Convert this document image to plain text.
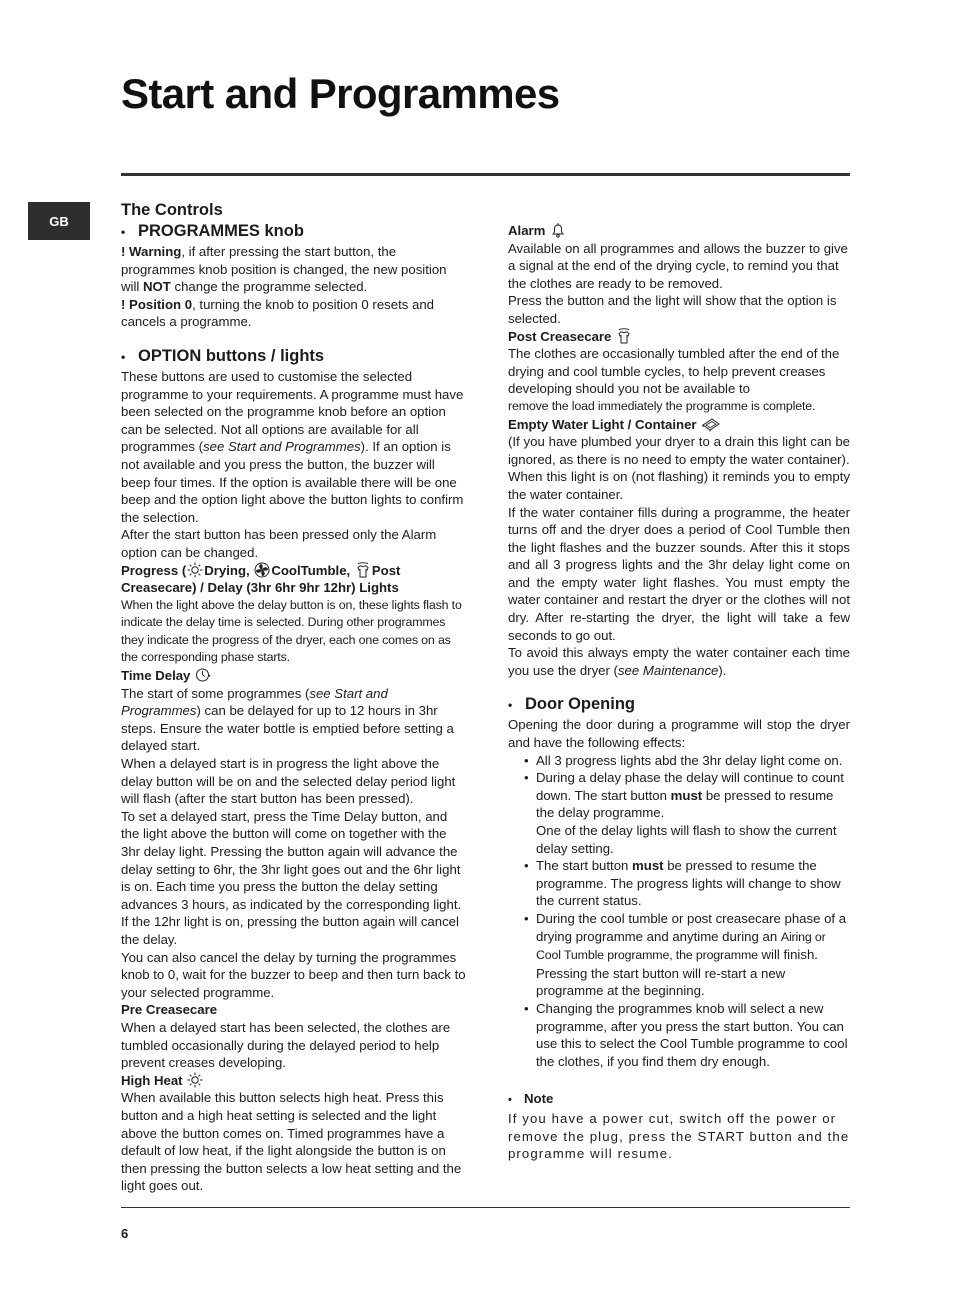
Start and Programmes
GB

The Controls

• PROGRAMMES knob

! Warning, if after pressing the start button, the programmes knob position is changed, the new position will NOT change the programme selected.

! Position 0, turning the knob to position 0 resets and cancels a programme.

• OPTION buttons / lights

These buttons are used to customise the selected programme to your requirements. A programme must have been selected on the programme knob before an option can be selected. Not all options are available for all programmes (see Start and Programmes). If an option is not available and you press the button, the buzzer will beep four times. If the option is available there will be one beep and the option light above the button lights to confirm the selection.

After the start button has been pressed only the Alarm option can be changed.

Progress ( Drying,
CoolTumble,
Post Creasecare) / Delay (3hr 6hr 9hr 12hr) Lights

When the light above the delay button is on, these lights flash to indicate the delay time is selected. During other programmes they indicate the progress of the dryer, each one comes on as the corresponding phase starts.

Time Delay

The start of some programmes (see Start and Programmes) can be delayed for up to 12 hours in 3hr steps. Ensure the water bottle is emptied before setting a delayed start.

When a delayed start is in progress the light above the delay button will be on and the selected delay period light will flash (after the start button has been pressed).

To set a delayed start, press the Time Delay button, and the light above the button will come on together with the 3hr delay light. Pressing the button again will advance the delay setting to 6hr, the 3hr light goes out and the 6hr light is on. Each time you press the button the delay setting advances 3 hours, as indicated by the corresponding light. If the 12hr light is on, pressing the button again will cancel the delay.

You can also cancel the delay by turning the programmes knob to 0, wait for the buzzer to beep and then turn back to your selected programme.

Pre Creasecare

When a delayed start has been selected, the clothes are tumbled occasionally during the delayed period to help prevent creases developing.

High Heat

When available this button selects high heat. Press this button and a high heat setting is selected and the light above the button comes on. Timed programmes have a default of low heat, if the light alongside the button is on then pressing the button selects a low heat setting and the light goes out.

Alarm

Available on all programmes and allows the buzzer to give a signal at the end of the drying cycle, to remind you that the clothes are ready to be removed.

Press the button and the light will show that the option is selected.

Post Creasecare

The clothes are occasionally tumbled after the end of the drying and cool tumble cycles, to help prevent creases developing should you not be available to

remove the load immediately the programme is complete.

Empty Water Light / Container

(If you have plumbed your dryer to a drain this light can be ignored, as there is no need to empty the water container).

When this light is on (not flashing) it reminds you to empty the water container.

If the water container fills during a programme, the heater turns off and the dryer does a period of Cool Tumble then the light flashes and the buzzer sounds. After this it stops and all 3 progress lights and the 3hr delay light come on and the empty water light flashes. You must empty the water container and restart the dryer or the clothes will not dry. After re-starting the dryer, the light will take a few seconds to go out.

To avoid this always empty the water container each time you use the dryer (see Maintenance).

• Door Opening

Opening the door during a programme will stop the dryer and have the following effects:

• All 3 progress lights abd the 3hr delay light come on.
• During a delay phase the delay will continue to count down. The start button must be pressed to resume the delay programme.
One of the delay lights will flash to show the current delay setting.
• The start button must be pressed to resume the programme. The progress lights will change to show the current status.
• During the cool tumble or post creasecare phase of a drying programme and anytime during an Airing or Cool Tumble programme, the programme will finish. Pressing the start button will re-start a new programme at the beginning.
• Changing the programmes knob will select a new programme, after you press the start button. You can use this to select the Cool Tumble programme to cool the clothes, if you find them dry enough.

• Note

If you have a power cut, switch off the power or remove the plug, press the START button and the programme will resume.

6
